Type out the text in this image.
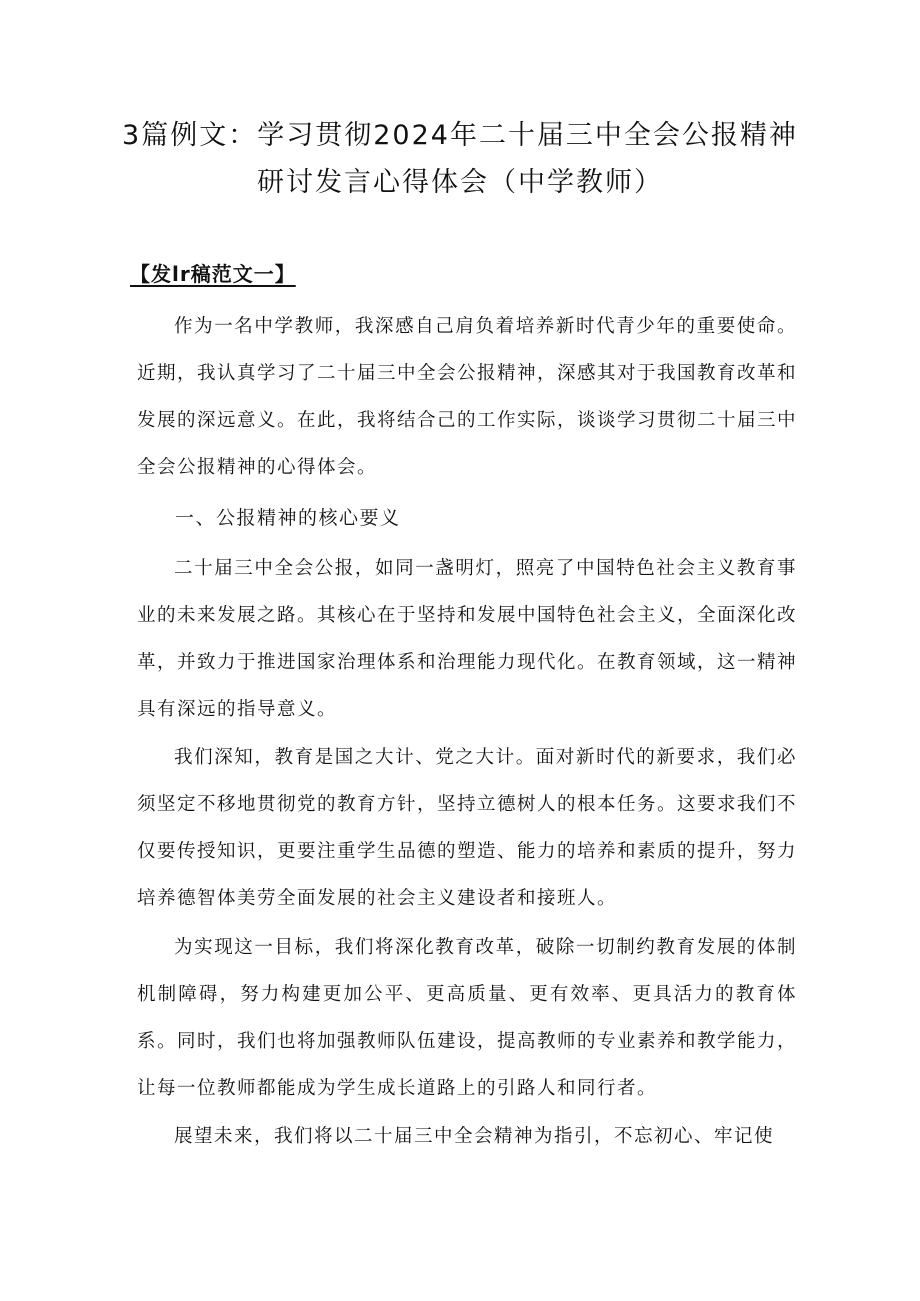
3篇例文：学习贯彻2024年二十届三中全会公报精神
研讨发言心得体会（中学教师）
【发lr稿范文一】

作为一名中学教师，我深感自己肩负着培养新时代青少年的重要使命。近期，我认真学习了二十届三中全会公报精神，深感其对于我国教育改革和发展的深远意义。在此，我将结合己的工作实际，谈谈学习贯彻二十届三中全会公报精神的心得体会。

一、公报精神的核心要义

二十届三中全会公报，如同一盏明灯，照亮了中国特色社会主义教育事业的未来发展之路。其核心在于坚持和发展中国特色社会主义，全面深化改革，并致力于推进国家治理体系和治理能力现代化。在教育领域，这一精神具有深远的指导意义。

我们深知，教育是国之大计、党之大计。面对新时代的新要求，我们必须坚定不移地贯彻党的教育方针，坚持立德树人的根本任务。这要求我们不仅要传授知识，更要注重学生品德的塑造、能力的培养和素质的提升，努力培养德智体美劳全面发展的社会主义建设者和接班人。

为实现这一目标，我们将深化教育改革，破除一切制约教育发展的体制机制障碍，努力构建更加公平、更高质量、更有效率、更具活力的教育体系。同时，我们也将加强教师队伍建设，提高教师的专业素养和教学能力，让每一位教师都能成为学生成长道路上的引路人和同行者。

展望未来，我们将以二十届三中全会精神为指引，不忘初心、牢记使
